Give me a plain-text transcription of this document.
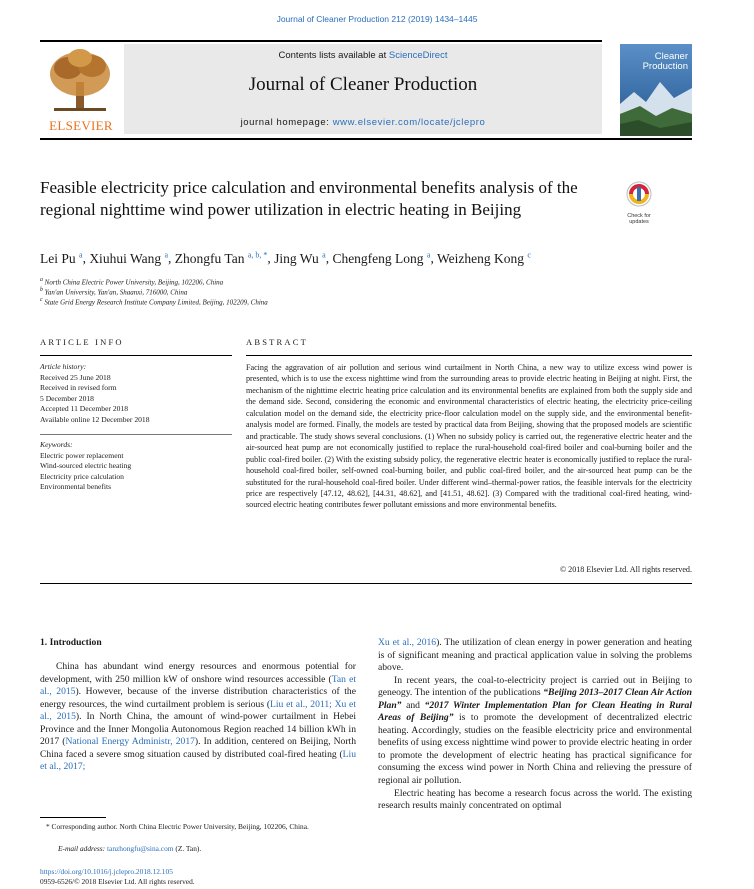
Journal of Cleaner Production 212 (2019) 1434–1445
ELSEVIER
Contents lists available at ScienceDirect
Journal of Cleaner Production
journal homepage: www.elsevier.com/locate/jclepro
Cleaner
Production
Feasible electricity price calculation and environmental benefits analysis of the regional nighttime wind power utilization in electric heating in Beijing	Check for
updates
Lei Pu $^a$, Xiuhui Wang $^a$, Zhongfu Tan $^{a, b, *}$, Jing Wu $^a$, Chengfeng Long $^a$, Weizheng Kong $^c$
$^a$ North China Electric Power University, Beijing, 102206, China
$^b$ Yan'an University, Yan'an, Shaanxi, 716000, China
$^c$ State Grid Energy Research Institute Company Limited, Beijing, 102209, China
ARTICLE INFO	ABSTRACT
Article history:
Received 25 June 2018
Received in revised form
5 December 2018
Accepted 11 December 2018
Available online 12 December 2018
Keywords:
Electric power replacement
Wind-sourced electric heating
Electricity price calculation
Environmental benefits
Facing the aggravation of air pollution and serious wind curtailment in North China, a new way to utilize excess wind power is presented, which is to use the excess nighttime wind from the surrounding areas to provide electric heating in Beijing at night. First, the mechanism of the nighttime electric heating price calculation and its environmental benefits are explained from both the supply side and the demand side. Second, considering the economic and environmental characteristics of electric heating, the electricity price-ceiling calculation model on the demand side, the electricity price-floor calculation model on the supply side, and the environmental benefit-analysis model are formed. Finally, the models are tested by practical data from Beijing, showing that the proposed models are scientific and practicable. The study shows several conclusions. (1) When no subsidy policy is carried out, the regenerative electric heater and the air-sourced heat pump are not economically justified to replace the rural-household coal-fired boiler and coal-burning boiler and the public coal-fired boiler. (2) With the existing subsidy policy, the regenerative electric heater is economically justified to replace the rural-household coal-fired boiler, self-owned coal-burning boiler, and public coal-fired boiler, and the air-sourced heat pump can be the substituted for the rural-household coal-fired boiler. Under different wind–thermal-power ratios, the feasible intervals for the electricity price are respectively [47.12, 48.62], [44.31, 48.62], and [41.51, 48.62]. (3) Compared with the traditional coal-fired heating, wind-sourced electric heating contributes fewer pollutant emissions and more environmental benefits.
© 2018 Elsevier Ltd. All rights reserved.
1. Introduction
China has abundant wind energy resources and enormous potential for development, with 250 million kW of onshore wind resources accessible (Tan et al., 2015). However, because of the inverse distribution characteristics of the energy resources, the wind curtailment problem is serious (Liu et al., 2011; Xu et al., 2015). In North China, the amount of wind-power curtailment in Hebei Province and the Inner Mongolia Autonomous Region reached 14 billion kWh in 2017 (National Energy Administr, 2017). In addition, centered on Beijing, North China faced a severe smog situation caused by distributed coal-fired heating (Liu et al., 2017;

Xu et al., 2016). The utilization of clean energy in power generation and heating is of significant meaning and practical application value in solving the problems above.

In recent years, the coal-to-electricity project is carried out in Beijing to geneogy. The intention of the publications “Beijing 2013–2017 Clean Air Action Plan” and “2017 Winter Implementation Plan for Clean Heating in Rural Areas of Beijing” is to promote the development of decentralized electric heating. Accordingly, studies on the feasible electricity price and environmental benefits of using excess nighttime wind power to provide electric heating in order to promote the development of electric heating has practical significance for consuming the excess wind power in North China and relieving the pressure of regional air pollution.

Electric heating has become a research focus across the world. The existing research results mainly concentrated on optimal

* Corresponding author. North China Electric Power University, Beijing, 102206, China.
E-mail address: tanzhongfu@sina.com (Z. Tan).
https://doi.org/10.1016/j.jclepro.2018.12.105
0959-6526/© 2018 Elsevier Ltd. All rights reserved.
